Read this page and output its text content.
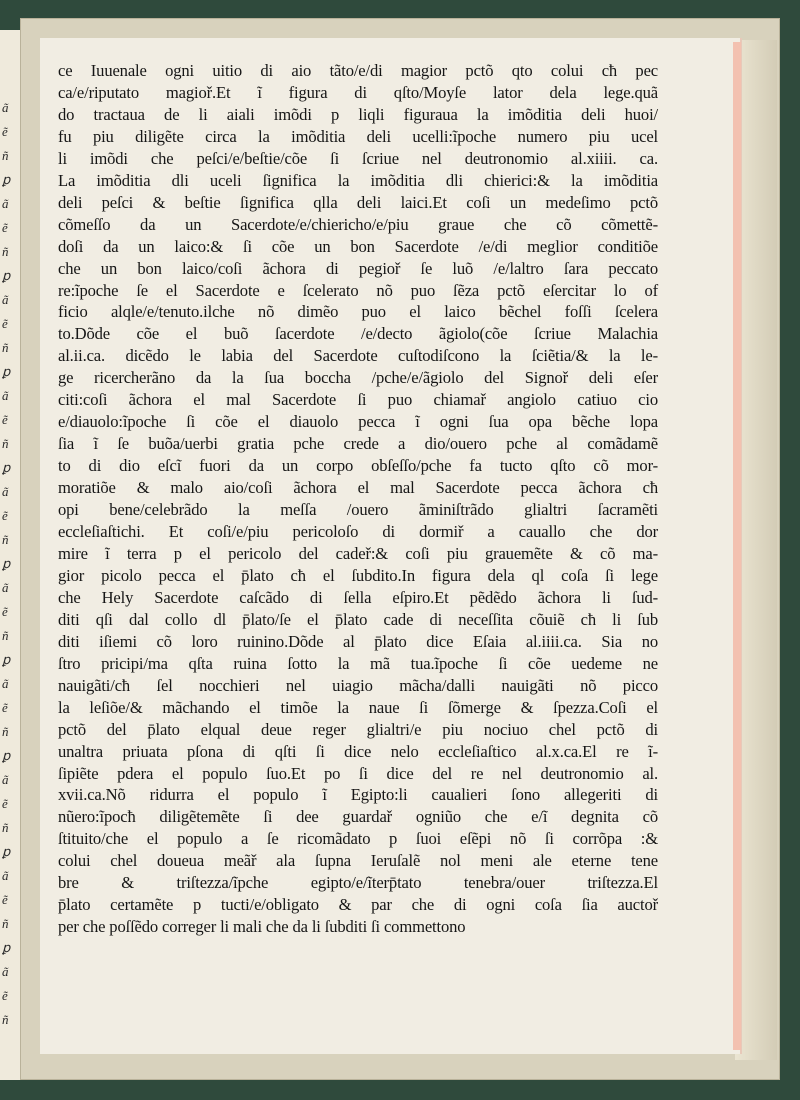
ã
ẽ
ñ
ꝑ
ã
ẽ
ñ
ꝑ
ã
ẽ
ñ
ꝑ
ã
ẽ
ñ
ꝑ
ã
ẽ
ñ
ꝑ
ã
ẽ
ñ
ꝑ
ã
ẽ
ñ
ꝑ
ã
ẽ
ñ
ꝑ
ã
ẽ
ñ
ꝑ
ã
ẽ
ñ
ce Iuuenale ogni uitio di aio tãto/e/di magior pctõ qto colui cħ pec
ca/e/riputato magioř.Et ĩ figura di qſto/Moyſe lator dela lege.quã
do tractaua de li aiali imõdi p liqli figuraua la imõditia deli huoi/
fu piu diligẽte circa la imõditia deli ucelli:ĩpoche numero piu ucel
li imõdi che peſci/e/beſtie/cõe ſi ſcriue nel deutronomio al.xiiii. ca.
La imõditia dli uceli ſignifica la imõditia dli chierici:& la imõditia
deli peſci & beſtie ſignifica qlla deli laici.Et coſi un medeſimo pctõ
cõmeſſo da un Sacerdote/e/chiericho/e/piu graue che cõ cõmettẽ-
doſi da un laico:& ſi cõe un bon Sacerdote /e/di meglior conditiõe
che un bon laico/coſi ãchora di pegioř ſe luõ /e/laltro ſara peccato
re:ĩpoche ſe el Sacerdote e ſcelerato nõ puo ſẽza pctõ eſercitar lo of
ficio alqle/e/tenuto.ilche nõ dimẽo puo el laico bẽchel foſſi ſcelera
to.Dõde cõe el buõ ſacerdote /e/decto ãgiolo(cõe ſcriue Malachia
al.ii.ca. dicẽdo le labia del Sacerdote cuſtodiſcono la ſciẽtia/& la le-
ge ricercherãno da la ſua boccha /pche/e/ãgiolo del Signoř deli eſer
citi:coſi ãchora el mal Sacerdote ſi puo chiamař angiolo catiuo cio
e/diauolo:ĩpoche ſi cõe el diauolo pecca ĩ ogni ſua opa bẽche lopa
ſia ĩ ſe buõa/uerbi gratia pche crede a dio/ouero pche al comãdamẽ
to di dio eſcĩ fuori da un corpo obſeſſo/pche fa tucto qſto cõ mor-
moratiõe & malo aio/coſi ãchora el mal Sacerdote pecca ãchora cħ
opi bene/celebrãdo la meſſa /ouero ãminiſtrãdo glialtri ſacramẽti
eccleſiaſtichi. Et coſi/e/piu pericoloſo di dormiř a cauallo che dor
mire ĩ terra p el pericolo del cadeř:& coſi piu grauemẽte & cõ ma-
gior picolo pecca el p̄lato cħ el ſubdito.In figura dela ql coſa ſi lege
che Hely Sacerdote caſcãdo di ſella eſpiro.Et pẽdẽdo ãchora li ſud-
diti qſi dal collo dl p̄lato/ſe el p̄lato cade di neceſſita cõuiẽ cħ li ſub
diti iſiemi cõ loro ruinino.Dõde al p̄lato dice Eſaia al.iiii.ca. Sia no
ſtro pricipi/ma qſta ruina ſotto la mã tua.ĩpoche ſi cõe uedeme ne
nauigãti/cħ ſel nocchieri nel uiagio mãcha/dalli nauigãti nõ picco
la leſiõe/& mãchando el timõe la naue ſi ſõmerge & ſpezza.Coſi el
pctõ del p̄lato elqual deue reger glialtri/e piu nociuo chel pctõ di
unaltra priuata pſona di qſti ſi dice nelo eccleſiaſtico al.x.ca.El re ĩ-
ſipiẽte pdera el populo ſuo.Et po ſi dice del re nel deutronomio al.
xvii.ca.Nõ ridurra el populo ĩ Egipto:li caualieri ſono allegeriti di
nũero:ĩpocħ diligẽtemẽte ſi dee guardař ogniũo che e/ĩ degnita cõ
ſtituito/che el populo a ſe ricomãdato p ſuoi eſẽpi nõ ſi corrõpa :&
colui chel doueua meãř ala ſupna Ieruſalẽ nol meni ale eterne tene
bre & triſtezza/ĩpche egipto/e/ĩterp̄tato tenebra/ouer triſtezza.El
p̄lato certamẽte p tucti/e/obligato & par che di ogni coſa ſia auctoř
per che poſſẽdo correger li mali che da li ſubditi ſi commettono
